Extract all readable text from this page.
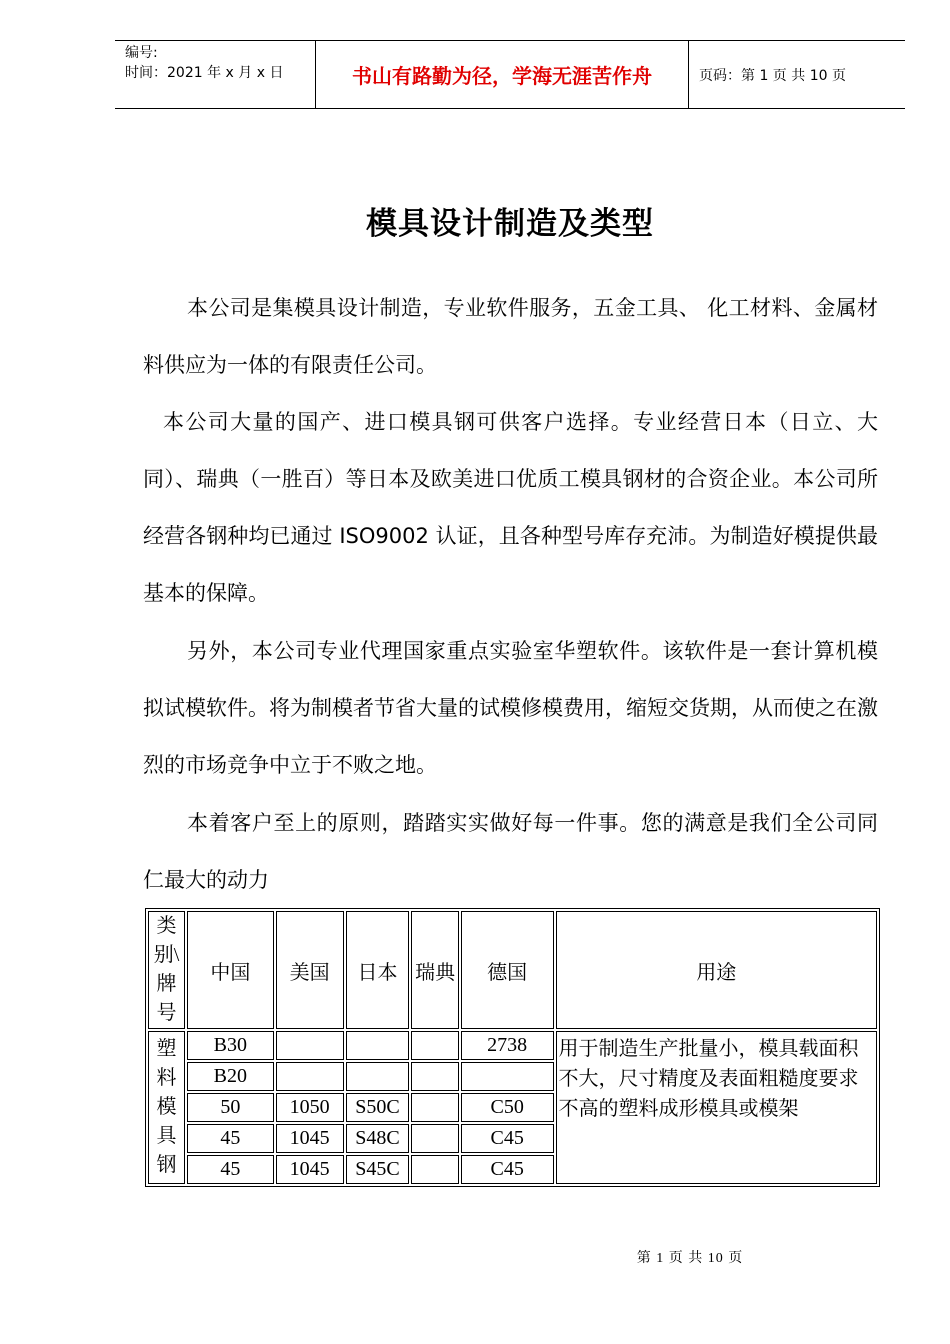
编号:
时间：2021 年 x 月 x 日	书山有路勤为径，学海无涯苦作舟	页码：第 1 页 共 10 页
模具设计制造及类型

本公司是集模具设计制造，专业软件服务，五金工具、 化工材料、金属材料供应为一体的有限责任公司。

本公司大量的国产、进口模具钢可供客户选择。专业经营日本（日立、大同）、瑞典（一胜百）等日本及欧美进口优质工模具钢材的合资企业。本公司所经营各钢种均已通过 ISO9002 认证，且各种型号库存充沛。为制造好模提供最基本的保障。

另外，本公司专业代理国家重点实验室华塑软件。该软件是一套计算机模拟试模软件。将为制模者节省大量的试模修模费用，缩短交货期，从而使之在激烈的市场竞争中立于不败之地。

本着客户至上的原则，踏踏实实做好每一件事。您的满意是我们全公司同仁最大的动力

类
别\
牌
号	中国	美国	日本	瑞典	德国	用途

塑
料
模
具
钢	B30				2738	用于制造生产批量小，模具载面积不大，尺寸精度及表面粗糙度要求不高的塑料成形模具或模架
	B20					
	50	1050	S50C		C50	
	45	1045	S48C		C45	
	45	1045	S45C		C45	
第 1 页 共 10 页
